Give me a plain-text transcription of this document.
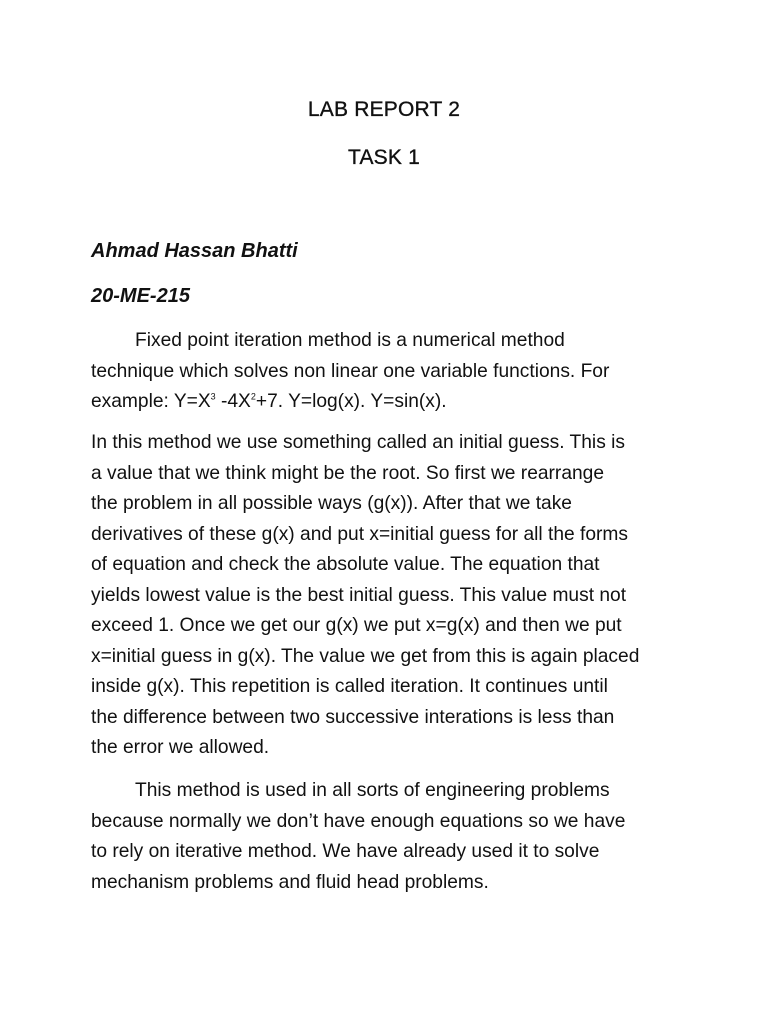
LAB REPORT 2
TASK 1
Ahmad Hassan Bhatti
20-ME-215

Fixed point iteration method is a numerical method
technique which solves non linear one variable functions. For
example: $Y=X^3$ $-4X^2+7$. Y=log(x). Y=sin(x).

In this method we use something called an initial guess. This is
a value that we think might be the root. So first we rearrange
the problem in all possible ways (g(x)). After that we take
derivatives of these g(x) and put x=initial guess for all the forms
of equation and check the absolute value. The equation that
yields lowest value is the best initial guess. This value must not
exceed 1. Once we get our g(x) we put x=g(x) and then we put
x=initial guess in g(x). The value we get from this is again placed
inside g(x). This repetition is called iteration. It continues until
the difference between two successive interations is less than
the error we allowed.

This method is used in all sorts of engineering problems
because normally we don’t have enough equations so we have
to rely on iterative method. We have already used it to solve
mechanism problems and fluid head problems.
